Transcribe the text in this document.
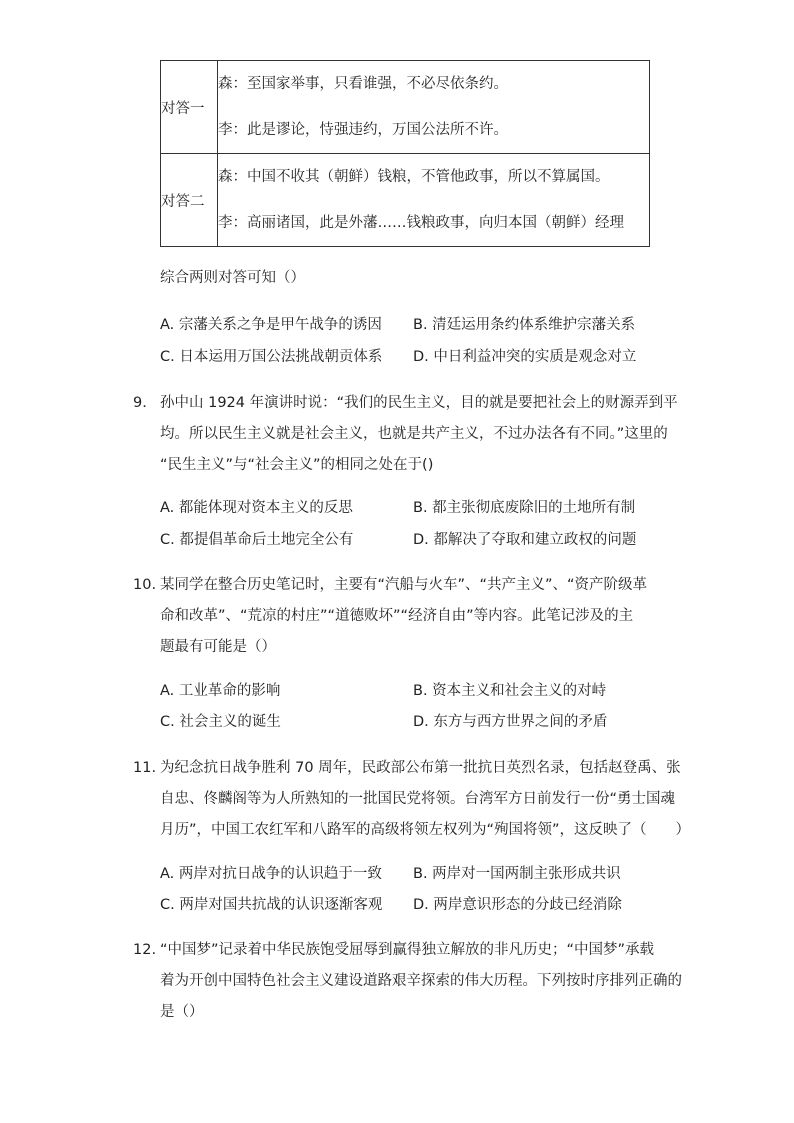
对答一	森：至国家举事，只看谁强，不必尽依条约。
李：此是谬论，恃强违约，万国公法所不许。

对答二	森：中国不收其（朝鲜）钱粮，不管他政事，所以不算属国。
李：高丽诸国，此是外藩……钱粮政事，向归本国（朝鲜）经理
综合两则对答可知（）
A. 宗藩关系之争是甲午战争的诱因 B. 清廷运用条约体系维护宗藩关系
C. 日本运用万国公法挑战朝贡体系 D. 中日利益冲突的实质是观念对立
9. 孙中山 1924 年演讲时说：“我们的民生主义，目的就是要把社会上的财源弄到平
均。所以民生主义就是社会主义，也就是共产主义，不过办法各有不同。”这里的
“民生主义”与“社会主义”的相同之处在于()
A. 都能体现对资本主义的反思	B. 都主张彻底废除旧的土地所有制
C. 都提倡革命后土地完全公有	D. 都解决了夺取和建立政权的问题
10. 某同学在整合历史笔记时，主要有“汽船与火车”、“共产主义”、“资产阶级革
命和改革”、“荒凉的村庄”“道德败坏”“经济自由”等内容。此笔记涉及的主
题最有可能是（）
A. 工业革命的影响	B. 资本主义和社会主义的对峙
C. 社会主义的诞生	D. 东方与西方世界之间的矛盾
11. 为纪念抗日战争胜利 70 周年，民政部公布第一批抗日英烈名录，包括赵登禹、张
自忠、佟麟阁等为人所熟知的一批国民党将领。台湾军方日前发行一份“勇士国魂
月历”，中国工农红军和八路军的高级将领左权列为“殉国将领”，这反映了（　　）
A. 两岸对抗日战争的认识趋于一致 B. 两岸对一国两制主张形成共识
C. 两岸对国共抗战的认识逐渐客观 D. 两岸意识形态的分歧已经消除
12. “中国梦”记录着中华民族饱受屈辱到赢得独立解放的非凡历史；“中国梦”承载
着为开创中国特色社会主义建设道路艰辛探索的伟大历程。下列按时序排列正确的
是（）
